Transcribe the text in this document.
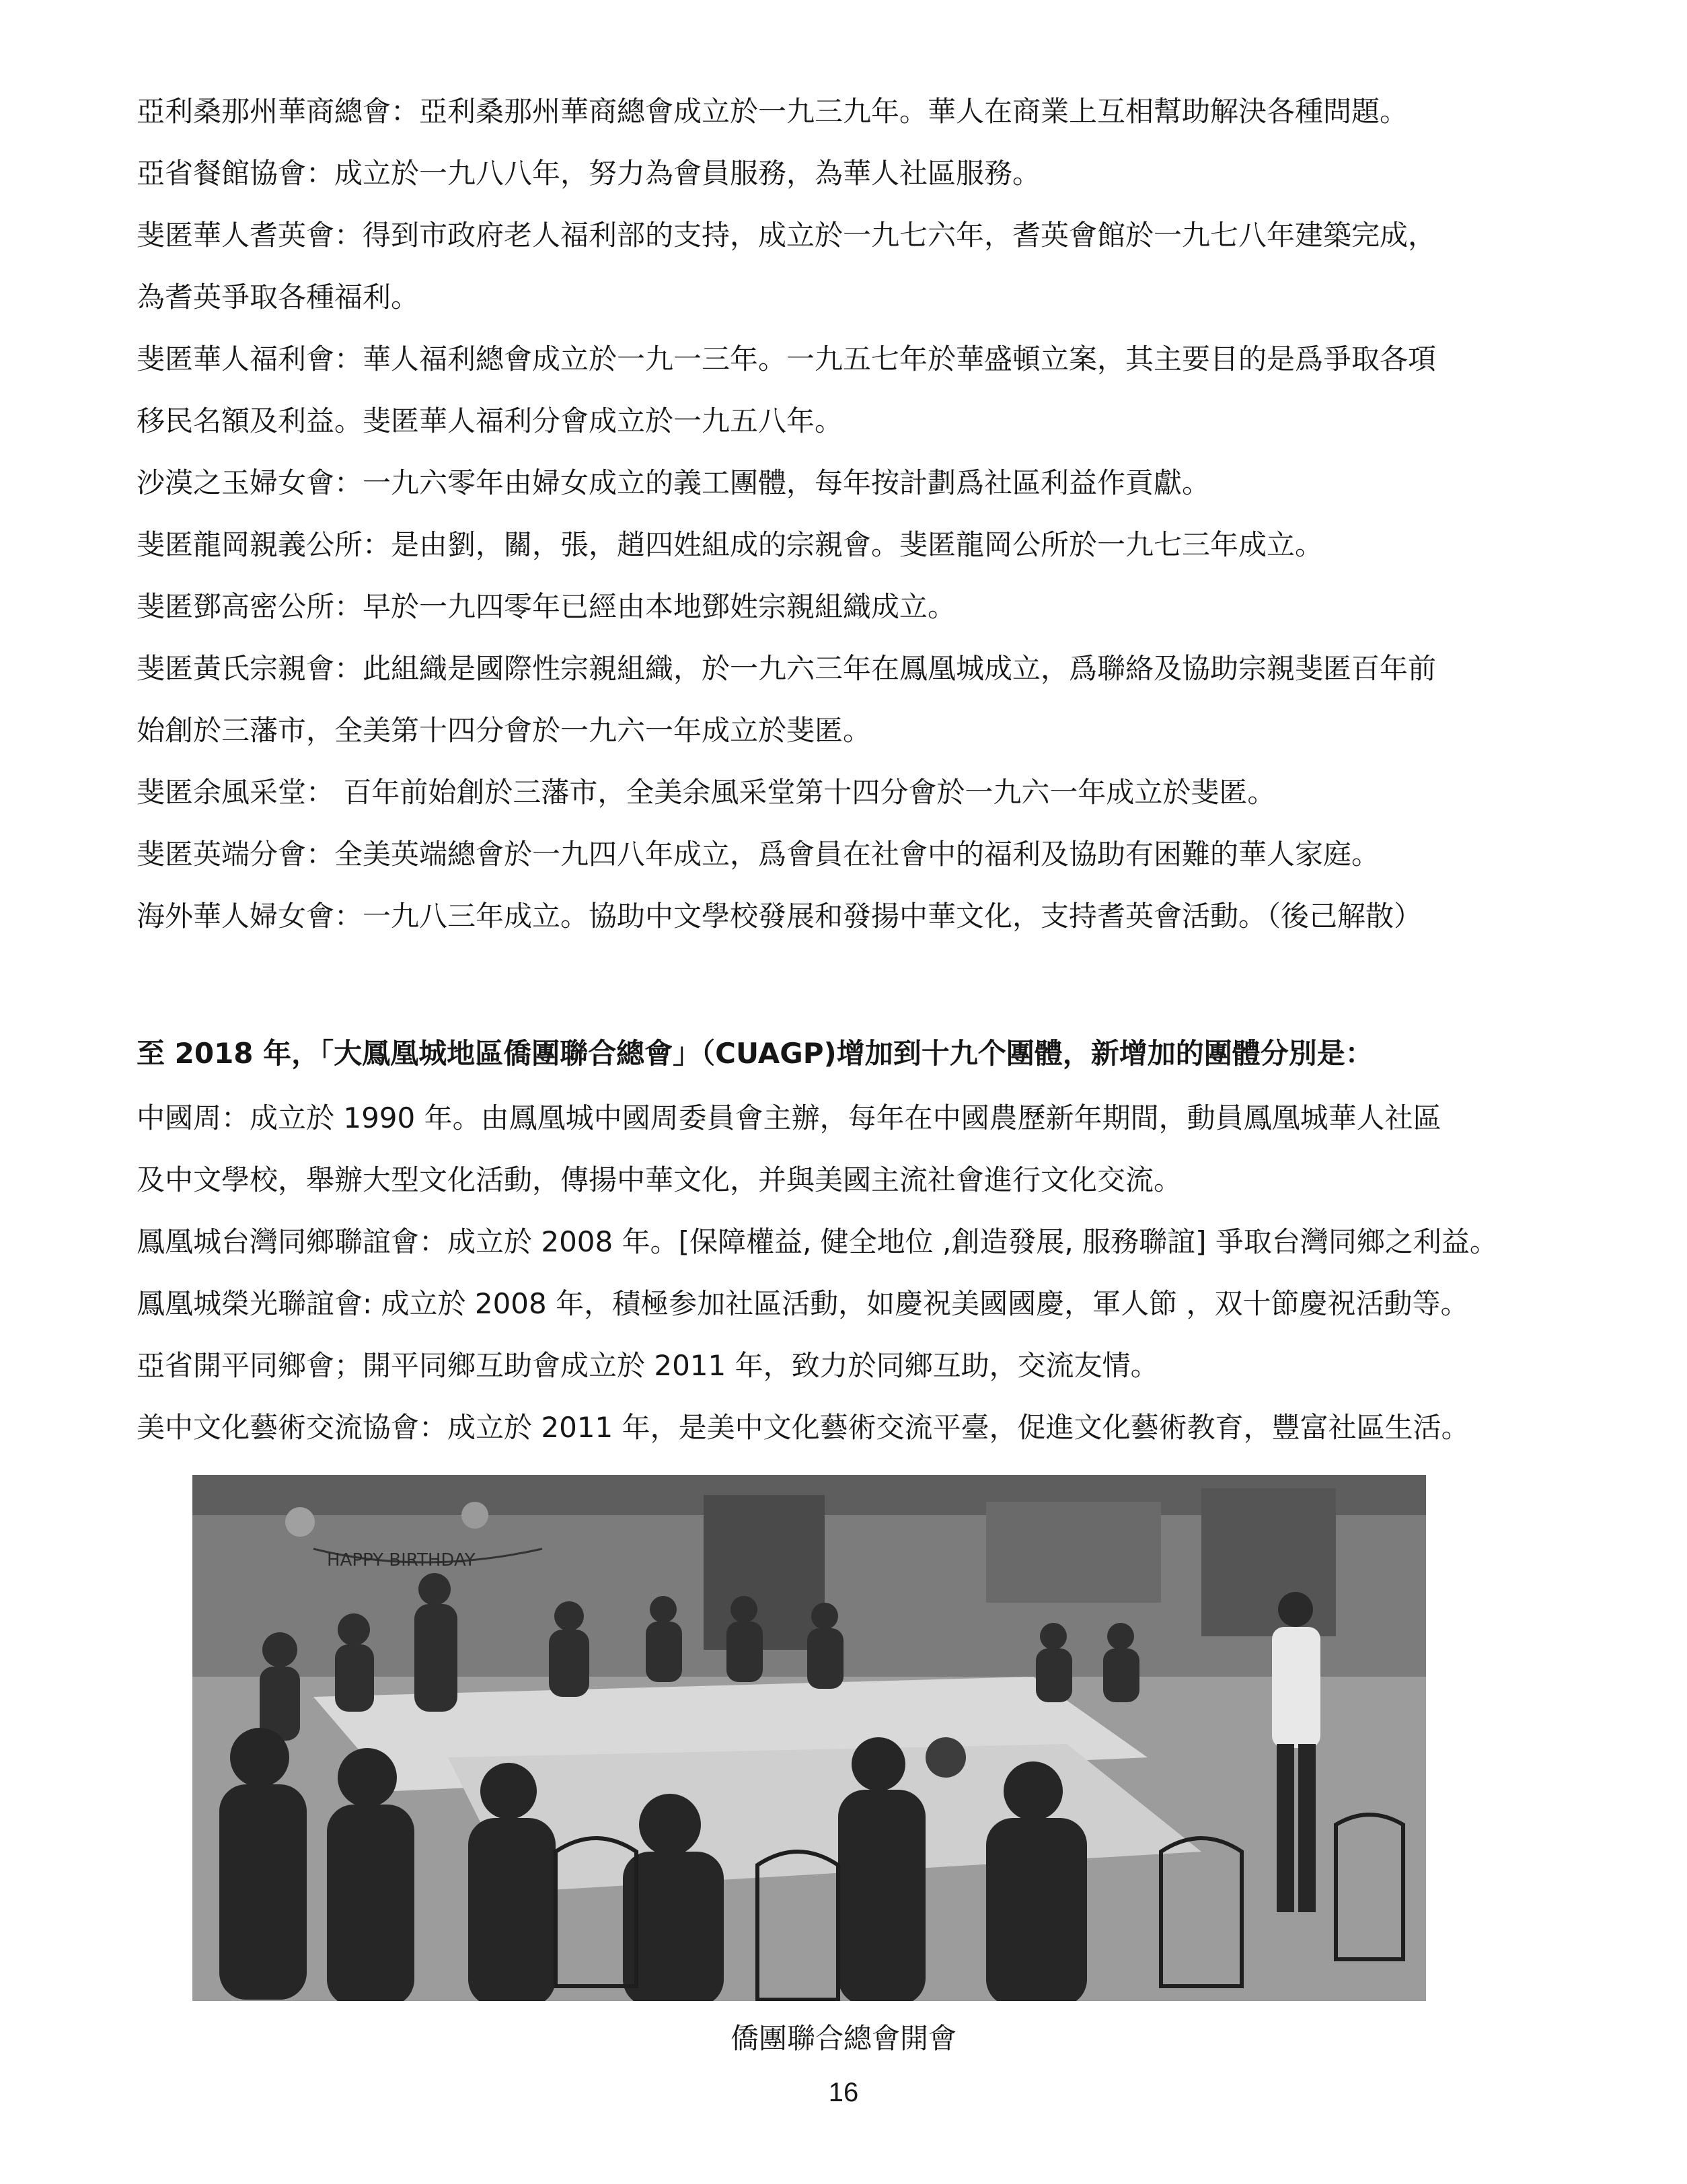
亞利桑那州華商總會：亞利桑那州華商總會成立於一九三九年。華人在商業上互相幫助解決各種問題。

亞省餐館協會：成立於一九八八年，努力為會員服務，為華人社區服務。

斐匿華人耆英會：得到市政府老人福利部的支持，成立於一九七六年，耆英會館於一九七八年建築完成，
為耆英爭取各種福利。

斐匿華人福利會：華人福利總會成立於一九一三年。一九五七年於華盛頓立案，其主要目的是爲爭取各項
移民名額及利益。斐匿華人福利分會成立於一九五八年。

沙漠之玉婦女會：一九六零年由婦女成立的義工團體，每年按計劃爲社區利益作貢獻。

斐匿龍岡親義公所：是由劉，關，張，趙四姓組成的宗親會。斐匿龍岡公所於一九七三年成立。

斐匿鄧高密公所：早於一九四零年已經由本地鄧姓宗親組織成立。

斐匿黃氏宗親會：此組織是國際性宗親組織，於一九六三年在鳳凰城成立，爲聯絡及協助宗親斐匿百年前
始創於三藩市，全美第十四分會於一九六一年成立於斐匿。

斐匿余風采堂： 百年前始創於三藩市，全美余風采堂第十四分會於一九六一年成立於斐匿。

斐匿英端分會：全美英端總會於一九四八年成立，爲會員在社會中的福利及協助有困難的華人家庭。

海外華人婦女會：一九八三年成立。協助中文學校發展和發揚中華文化，支持耆英會活動。（後己解散）

至 2018 年，「大鳳凰城地區僑團聯合總會」（CUAGP)增加到十九个團體，新增加的團體分別是：

中國周：成立於 1990 年。由鳳凰城中國周委員會主辦，每年在中國農歷新年期間，動員鳳凰城華人社區
及中文學校，舉辦大型文化活動，傳揚中華文化，并與美國主流社會進行文化交流。

鳳凰城台灣同鄉聯誼會：成立於 2008 年。[保障權益, 健全地位 ,創造發展, 服務聯誼] 爭取台灣同鄉之利益。

鳳凰城榮光聯誼會: 成立於 2008 年，積極参加社區活動，如慶祝美國國慶，軍人節 ，双十節慶祝活動等。

亞省開平同鄉會；開平同鄉互助會成立於 2011 年，致力於同鄉互助，交流友情。

美中文化藝術交流協會：成立於 2011 年，是美中文化藝術交流平臺，促進文化藝術教育，豐富社區生活。

HAPPY BIRTHDAY
僑團聯合總會開會
16
